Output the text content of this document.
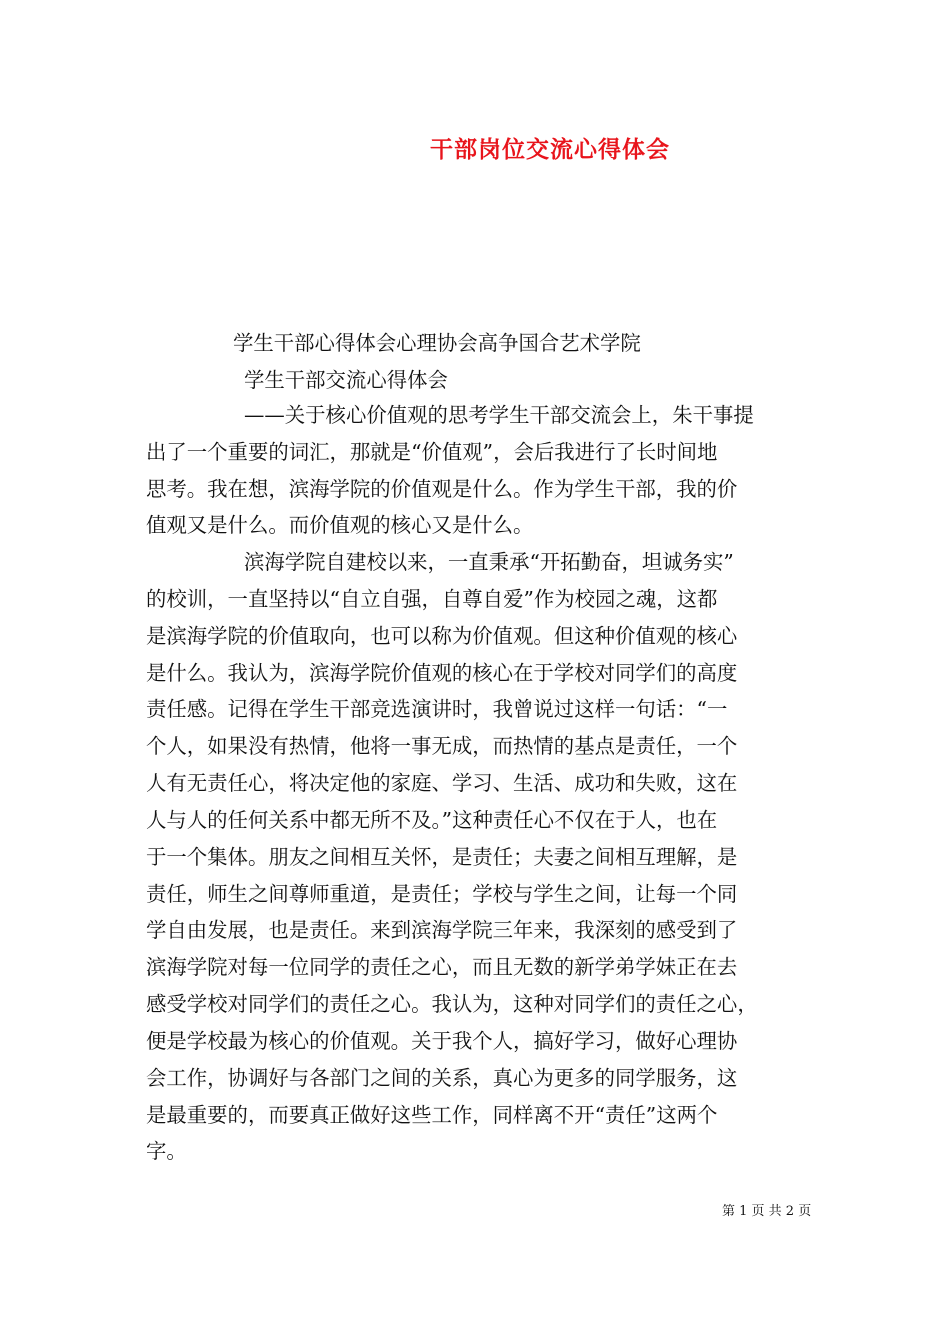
干部岗位交流心得体会

学生干部心得体会心理协会高争国合艺术学院

学生干部交流心得体会

——关于核心价值观的思考学生干部交流会上，朱干事提

出了一个重要的词汇，那就是“价值观”，会后我进行了长时间地

思考。我在想，滨海学院的价值观是什么。作为学生干部，我的价

值观又是什么。而价值观的核心又是什么。

滨海学院自建校以来，一直秉承“开拓勤奋，坦诚务实”

的校训，一直坚持以“自立自强，自尊自爱”作为校园之魂，这都

是滨海学院的价值取向，也可以称为价值观。但这种价值观的核心

是什么。我认为，滨海学院价值观的核心在于学校对同学们的高度

责任感。记得在学生干部竞选演讲时，我曾说过这样一句话：“一

个人，如果没有热情，他将一事无成，而热情的基点是责任，一个

人有无责任心，将决定他的家庭、学习、生活、成功和失败，这在

人与人的任何关系中都无所不及。”这种责任心不仅在于人，也在

于一个集体。朋友之间相互关怀，是责任；夫妻之间相互理解，是

责任，师生之间尊师重道，是责任；学校与学生之间，让每一个同

学自由发展，也是责任。来到滨海学院三年来，我深刻的感受到了

滨海学院对每一位同学的责任之心，而且无数的新学弟学妹正在去

感受学校对同学们的责任之心。我认为，这种对同学们的责任之心，

便是学校最为核心的价值观。关于我个人，搞好学习，做好心理协

会工作，协调好与各部门之间的关系，真心为更多的同学服务，这

是最重要的，而要真正做好这些工作，同样离不开“责任”这两个

字。

第 1 页 共 2 页
